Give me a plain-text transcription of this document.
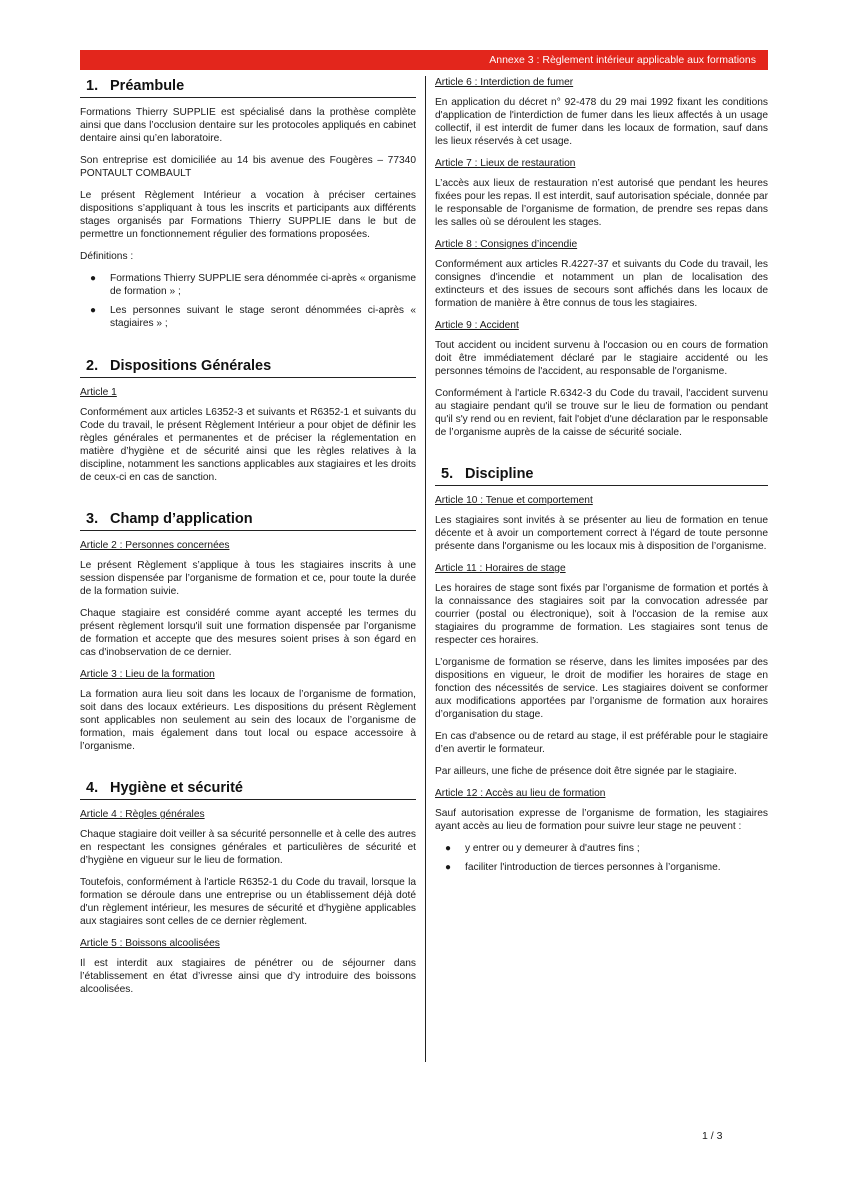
Annexe 3 : Règlement intérieur applicable aux formations
1. Préambule

Formations Thierry SUPPLIE est spécialisé dans la prothèse complète ainsi que dans l’occlusion dentaire sur les protocoles appliqués en cabinet dentaire ainsi qu’en laboratoire.

Son entreprise est domiciliée au 14 bis avenue des Fougères – 77340 PONTAULT COMBAULT

Le présent Règlement Intérieur a vocation à préciser certaines dispositions s’appliquant à tous les inscrits et participants aux différents stages organisés par Formations Thierry SUPPLIE dans le but de permettre un fonctionnement régulier des formations proposées.

Définitions :

● Formations Thierry SUPPLIE sera dénommée ci-après « organisme de formation » ;
● Les personnes suivant le stage seront dénommées ci-après « stagiaires » ;
2. Dispositions Générales
Article 1

Conformément aux articles L6352-3 et suivants et R6352-1 et suivants du Code du travail, le présent Règlement Intérieur a pour objet de définir les règles générales et permanentes et de préciser la réglementation en matière d’hygiène et de sécurité ainsi que les règles relatives à la discipline, notamment les sanctions applicables aux stagiaires et les droits de ceux-ci en cas de sanction.

3. Champ d’application
Article 2 : Personnes concernées

Le présent Règlement s’applique à tous les stagiaires inscrits à une session dispensée par l’organisme de formation et ce, pour toute la durée de la formation suivie.

Chaque stagiaire est considéré comme ayant accepté les termes du présent règlement lorsqu'il suit une formation dispensée par l’organisme de formation et accepte que des mesures soient prises à son égard en cas d'inobservation de ce dernier.

Article 3 : Lieu de la formation

La formation aura lieu soit dans les locaux de l’organisme de formation, soit dans des locaux extérieurs. Les dispositions du présent Règlement sont applicables non seulement au sein des locaux de l’organisme de formation, mais également dans tout local ou espace accessoire à l’organisme.

4. Hygiène et sécurité
Article 4 : Règles générales

Chaque stagiaire doit veiller à sa sécurité personnelle et à celle des autres en respectant les consignes générales et particulières de sécurité et d’hygiène en vigueur sur le lieu de formation.

Toutefois, conformément à l'article R6352-1 du Code du travail, lorsque la formation se déroule dans une entreprise ou un établissement déjà doté d'un règlement intérieur, les mesures de sécurité et d'hygiène applicables aux stagiaires sont celles de ce dernier règlement.

Article 5 : Boissons alcoolisées

Il est interdit aux stagiaires de pénétrer ou de séjourner dans l’établissement en état d’ivresse ainsi que d’y introduire des boissons alcoolisées.

Article 6 : Interdiction de fumer

En application du décret n° 92-478 du 29 mai 1992 fixant les conditions d'application de l'interdiction de fumer dans les lieux affectés à un usage collectif, il est interdit de fumer dans les locaux de formation, sauf dans les lieux réservés à cet usage.

Article 7 : Lieux de restauration

L’accès aux lieux de restauration n’est autorisé que pendant les heures fixées pour les repas. Il est interdit, sauf autorisation spéciale, donnée par le responsable de l’organisme de formation, de prendre ses repas dans les salles où se déroulent les stages.

Article 8 : Consignes d’incendie

Conformément aux articles R.4227-37 et suivants du Code du travail, les consignes d'incendie et notamment un plan de localisation des extincteurs et des issues de secours sont affichés dans les locaux de formation de manière à être connus de tous les stagiaires.

Article 9 : Accident

Tout accident ou incident survenu à l'occasion ou en cours de formation doit être immédiatement déclaré par le stagiaire accidenté ou les personnes témoins de l'accident, au responsable de l'organisme.

Conformément à l'article R.6342-3 du Code du travail, l'accident survenu au stagiaire pendant qu'il se trouve sur le lieu de formation ou pendant qu'il s'y rend ou en revient, fait l'objet d'une déclaration par le responsable de l’organisme auprès de la caisse de sécurité sociale.

5. Discipline
Article 10 : Tenue et comportement

Les stagiaires sont invités à se présenter au lieu de formation en tenue décente et à avoir un comportement correct à l'égard de toute personne présente dans l'organisme ou les locaux mis à disposition de l’organisme.

Article 11 : Horaires de stage

Les horaires de stage sont fixés par l’organisme de formation et portés à la connaissance des stagiaires soit par la convocation adressée par courrier (postal ou électronique), soit à l'occasion de la remise aux stagiaires du programme de formation. Les stagiaires sont tenus de respecter ces horaires.

L’organisme de formation se réserve, dans les limites imposées par des dispositions en vigueur, le droit de modifier les horaires de stage en fonction des nécessités de service. Les stagiaires doivent se conformer aux modifications apportées par l’organisme de formation aux horaires d’organisation du stage.

En cas d'absence ou de retard au stage, il est préférable pour le stagiaire d’en avertir le formateur.

Par ailleurs, une fiche de présence doit être signée par le stagiaire.

Article 12 : Accès au lieu de formation

Sauf autorisation expresse de l’organisme de formation, les stagiaires ayant accès au lieu de formation pour suivre leur stage ne peuvent :

● y entrer ou y demeurer à d'autres fins ;
● faciliter l'introduction de tierces personnes à l’organisme.
1 / 3
